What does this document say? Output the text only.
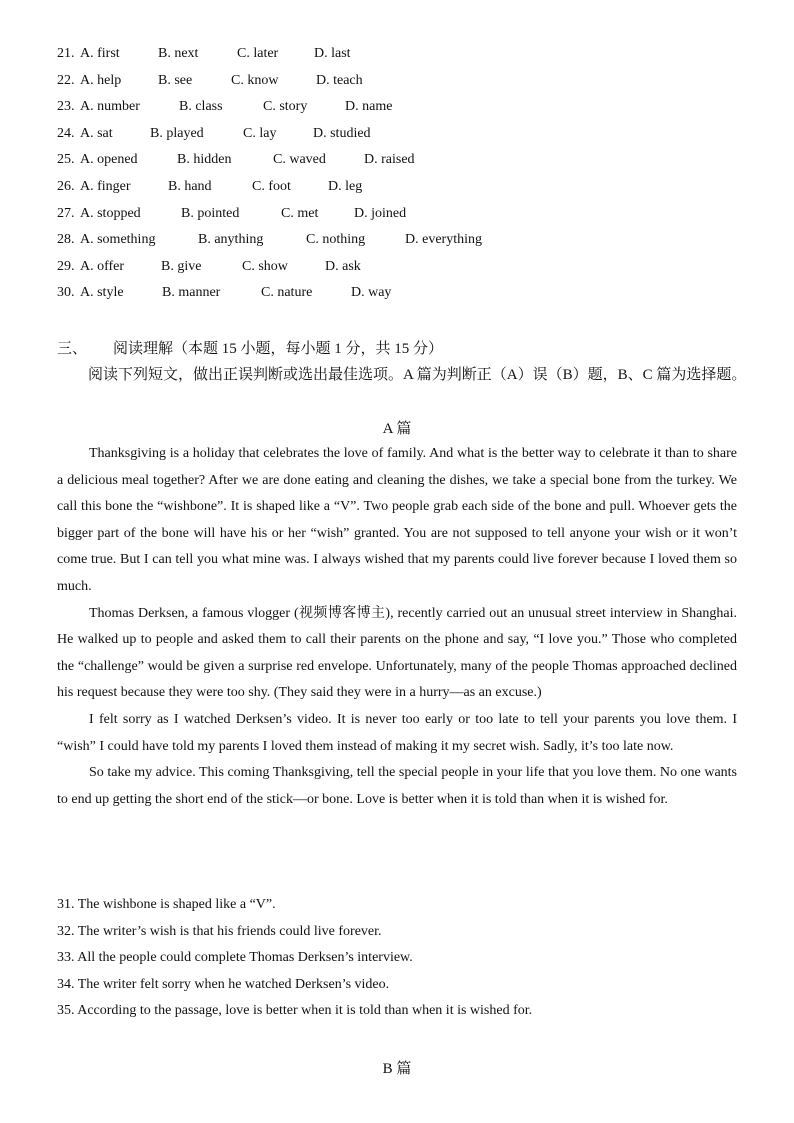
21. A. first	B. next	C. later	D. last
22. A. help	B. see	C. know	D. teach
23. A. number	B. class	C. story	D. name
24. A. sat	B. played	C. lay	D. studied
25. A. opened	B. hidden	C. waved	D. raised
26. A. finger	B. hand	C. foot	D. leg
27. A. stopped	B. pointed	C. met	D. joined
28. A. something	B. anything	C. nothing	D. everything
29. A. offer	B. give	C. show	D. ask
30. A. style	B. manner	C. nature	D. way
三、 阅读理解（本题 15 小题，每小题 1 分，共 15 分）
阅读下列短文，做出正误判断或选出最佳选项。A 篇为判断正（A）误（B）题，B、C 篇为选择题。
A 篇

Thanksgiving is a holiday that celebrates the love of family. And what is the better way to celebrate it than to share a delicious meal together? After we are done eating and cleaning the dishes, we take a special bone from the turkey. We call this bone the “wishbone”. It is shaped like a “V”. Two people grab each side of the bone and pull. Whoever gets the bigger part of the bone will have his or her “wish” granted. You are not supposed to tell anyone your wish or it won’t come true. But I can tell you what mine was. I always wished that my parents could live forever because I loved them so much.

Thomas Derksen, a famous vlogger (视频博客博主), recently carried out an unusual street interview in Shanghai. He walked up to people and asked them to call their parents on the phone and say, “I love you.” Those who completed the “challenge” would be given a surprise red envelope. Unfortunately, many of the people Thomas approached declined his request because they were too shy. (They said they were in a hurry—as an excuse.)

I felt sorry as I watched Derksen’s video. It is never too early or too late to tell your parents you love them. I “wish” I could have told my parents I loved them instead of making it my secret wish. Sadly, it’s too late now.

So take my advice. This coming Thanksgiving, tell the special people in your life that you love them. No one wants to end up getting the short end of the stick—or bone. Love is better when it is told than when it is wished for.

31. The wishbone is shaped like a “V”.
32. The writer’s wish is that his friends could live forever.
33. All the people could complete Thomas Derksen’s interview.
34. The writer felt sorry when he watched Derksen’s video.
35. According to the passage, love is better when it is told than when it is wished for.
B 篇
